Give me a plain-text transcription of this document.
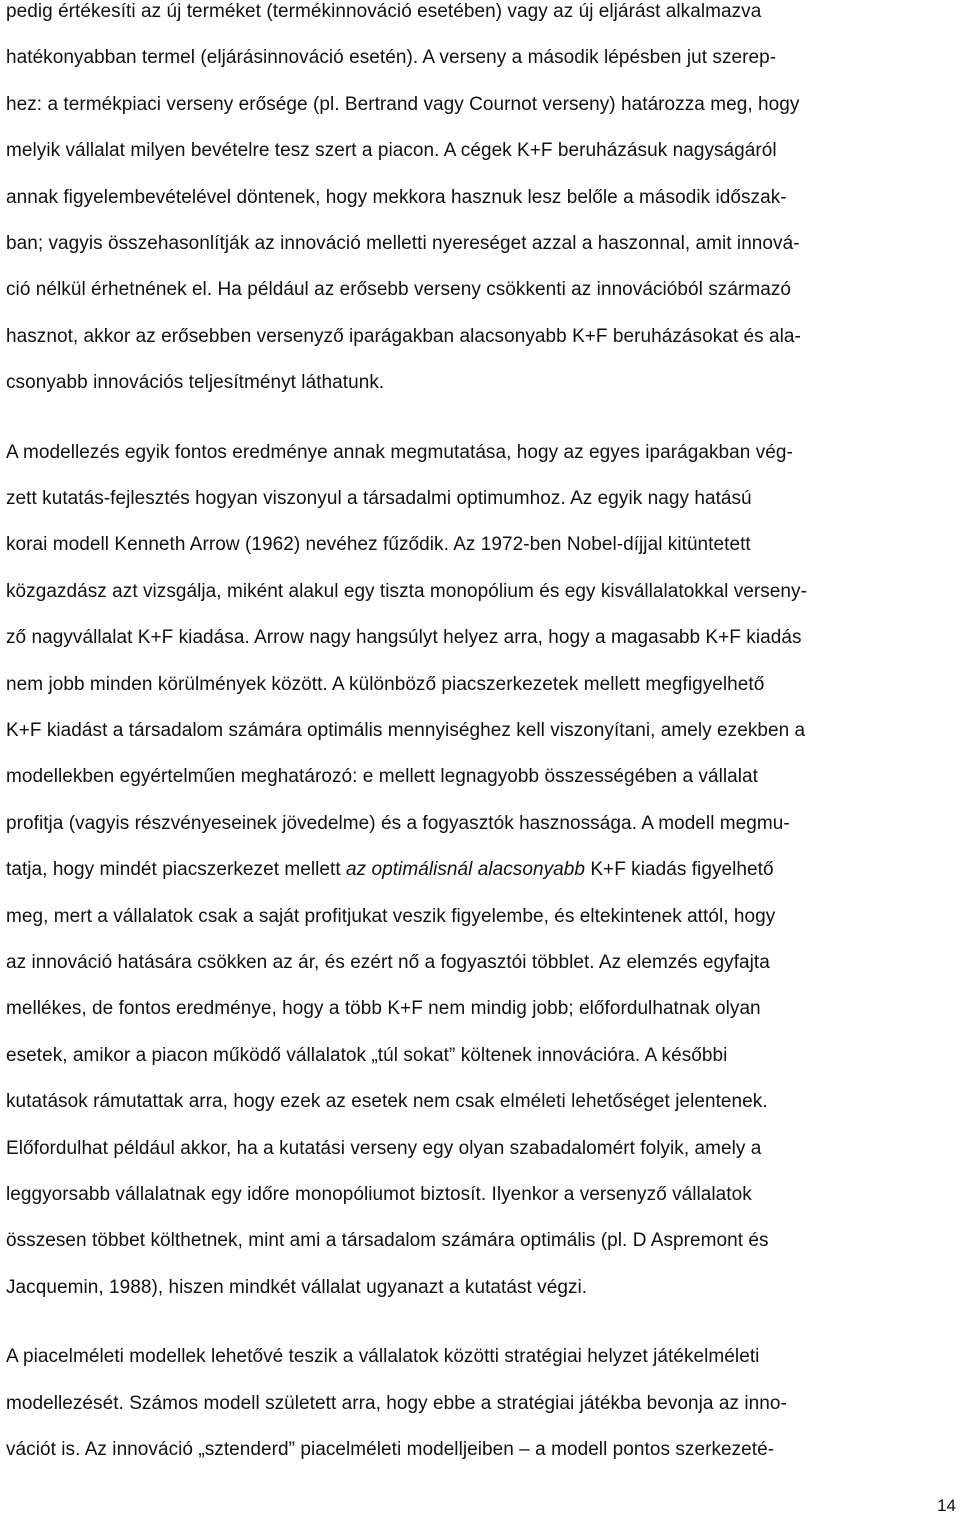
pedig értékesíti az új terméket (termékinnováció esetében) vagy az új eljárást alkalmazva
hatékonyabban termel (eljárásinnováció esetén). A verseny a második lépésben jut szerep-
hez: a termékpiaci verseny erősége (pl. Bertrand vagy Cournot verseny) határozza meg, hogy
melyik vállalat milyen bevételre tesz szert a piacon. A cégek K+F beruházásuk nagyságáról
annak figyelembevételével döntenek, hogy mekkora hasznuk lesz belőle a második időszak-
ban; vagyis összehasonlítják az innováció melletti nyereséget azzal a haszonnal, amit innová-
ció nélkül érhetnének el. Ha például az erősebb verseny csökkenti az innovációból származó
hasznot, akkor az erősebben versenyző iparágakban alacsonyabb K+F beruházásokat és ala-
csonyabb innovációs teljesítményt láthatunk.
A modellezés egyik fontos eredménye annak megmutatása, hogy az egyes iparágakban vég-
zett kutatás-fejlesztés hogyan viszonyul a társadalmi optimumhoz. Az egyik nagy hatású
korai modell Kenneth Arrow (1962) nevéhez fűződik. Az 1972-ben Nobel-díjjal kitüntetett
közgazdász azt vizsgálja, miként alakul egy tiszta monopólium és egy kisvállalatokkal verseny-
ző nagyvállalat K+F kiadása. Arrow nagy hangsúlyt helyez arra, hogy a magasabb K+F kiadás
nem jobb minden körülmények között. A különböző piacszerkezetek mellett megfigyelhető
K+F kiadást a társadalom számára optimális mennyiséghez kell viszonyítani, amely ezekben a
modellekben egyértelműen meghatározó: e mellett legnagyobb összességében a vállalat
profitja (vagyis részvényeseinek jövedelme) és a fogyasztók hasznossága. A modell megmu-
tatja, hogy mindét piacszerkezet mellett az optimálisnál alacsonyabb K+F kiadás figyelhető
meg, mert a vállalatok csak a saját profitjukat veszik figyelembe, és eltekintenek attól, hogy
az innováció hatására csökken az ár, és ezért nő a fogyasztói többlet. Az elemzés egyfajta
mellékes, de fontos eredménye, hogy a több K+F nem mindig jobb; előfordulhatnak olyan
esetek, amikor a piacon működő vállalatok „túl sokat” költenek innovációra. A későbbi
kutatások rámutattak arra, hogy ezek az esetek nem csak elméleti lehetőséget jelentenek.
Előfordulhat például akkor, ha a kutatási verseny egy olyan szabadalomért folyik, amely a
leggyorsabb vállalatnak egy időre monopóliumot biztosít. Ilyenkor a versenyző vállalatok
összesen többet költhetnek, mint ami a társadalom számára optimális (pl. D Aspremont és
Jacquemin, 1988), hiszen mindkét vállalat ugyanazt a kutatást végzi.
A piacelméleti modellek lehetővé teszik a vállalatok közötti stratégiai helyzet játékelméleti
modellezését. Számos modell született arra, hogy ebbe a stratégiai játékba bevonja az inno-
vációt is. Az innováció „sztenderd” piacelméleti modelljeiben – a modell pontos szerkezeté-
14
